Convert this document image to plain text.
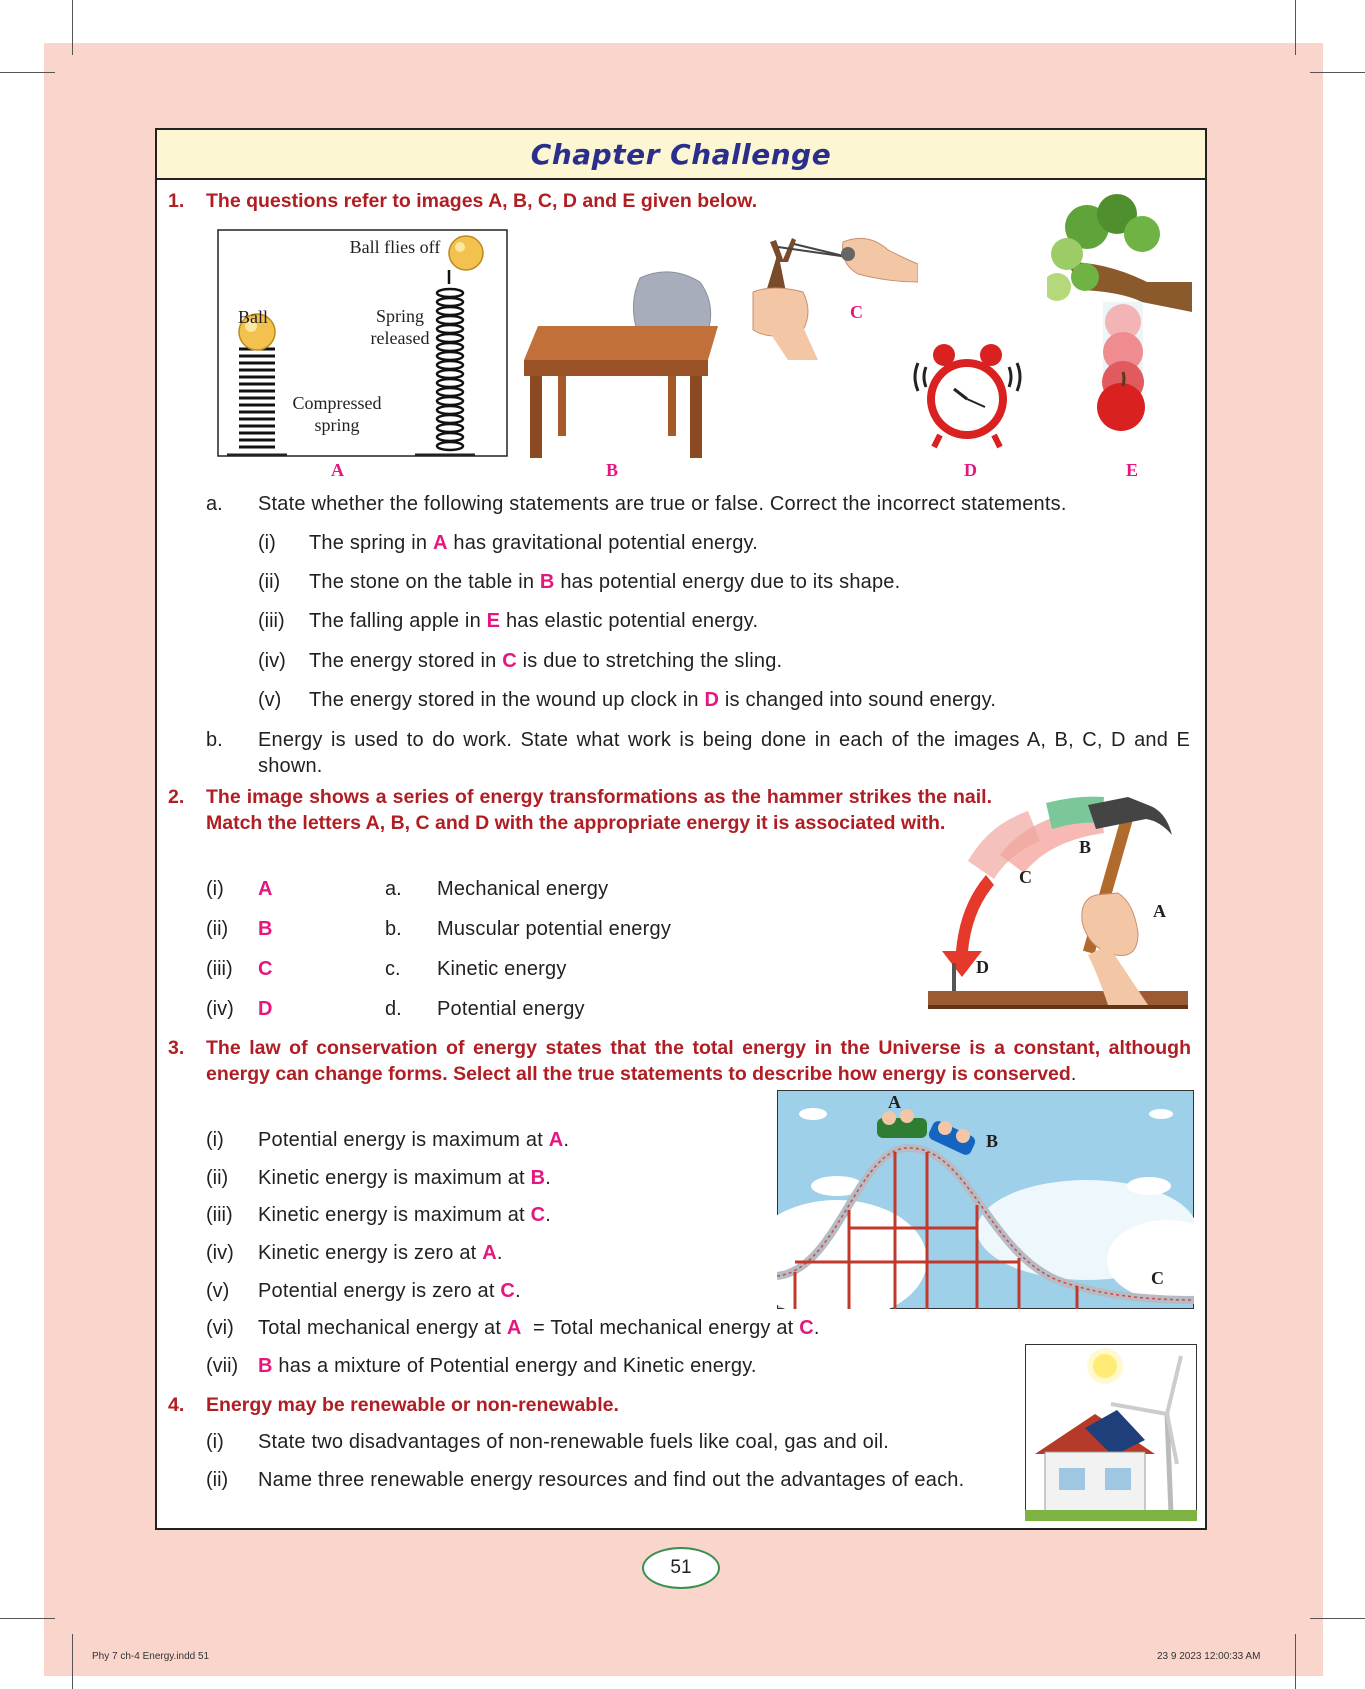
Chapter Challenge
1. The questions refer to images A, B, C, D and E given below.
Ball flies off
Ball	Spring released
Compressed spring
A	B
C
D	E
a. State whether the following statements are true or false. Correct the incorrect statements.
(i) The spring in A has gravitational potential energy.
(ii) The stone on the table in B has potential energy due to its shape.
(iii) The falling apple in E has elastic potential energy.
(iv) The energy stored in C is due to stretching the sling.
(v) The energy stored in the wound up clock in D is changed into sound energy.
b. Energy is used to do work. State what work is being done in each of the images A, B, C, D and E shown.
2. The image shows a series of energy transformations as the hammer strikes the nail. Match the letters A, B, C and D with the appropriate energy it is associated with.
(i) A	a. Mechanical energy
(ii) B	b. Muscular potential energy
(iii) C	c. Kinetic energy
(iv) D	d. Potential energy
B
C
A
D
3. The law of conservation of energy states that the total energy in the Universe is a constant, although energy can change forms. Select all the true statements to describe how energy is conserved.
(i) Potential energy is maximum at A.
(ii) Kinetic energy is maximum at B.
(iii) Kinetic energy is maximum at C.
(iv) Kinetic energy is zero at A.
(v) Potential energy is zero at C.
(vi) Total mechanical energy at A  = Total mechanical energy at C.
(vii) B has a mixture of Potential energy and Kinetic energy.
A
B
C
4. Energy may be renewable or non-renewable.
(i) State two disadvantages of non-renewable fuels like coal, gas and oil.
(ii) Name three renewable energy resources and find out the advantages of each.
51
Phy 7 ch-4 Energy.indd 51	23 9 2023 12:00:33 AM
